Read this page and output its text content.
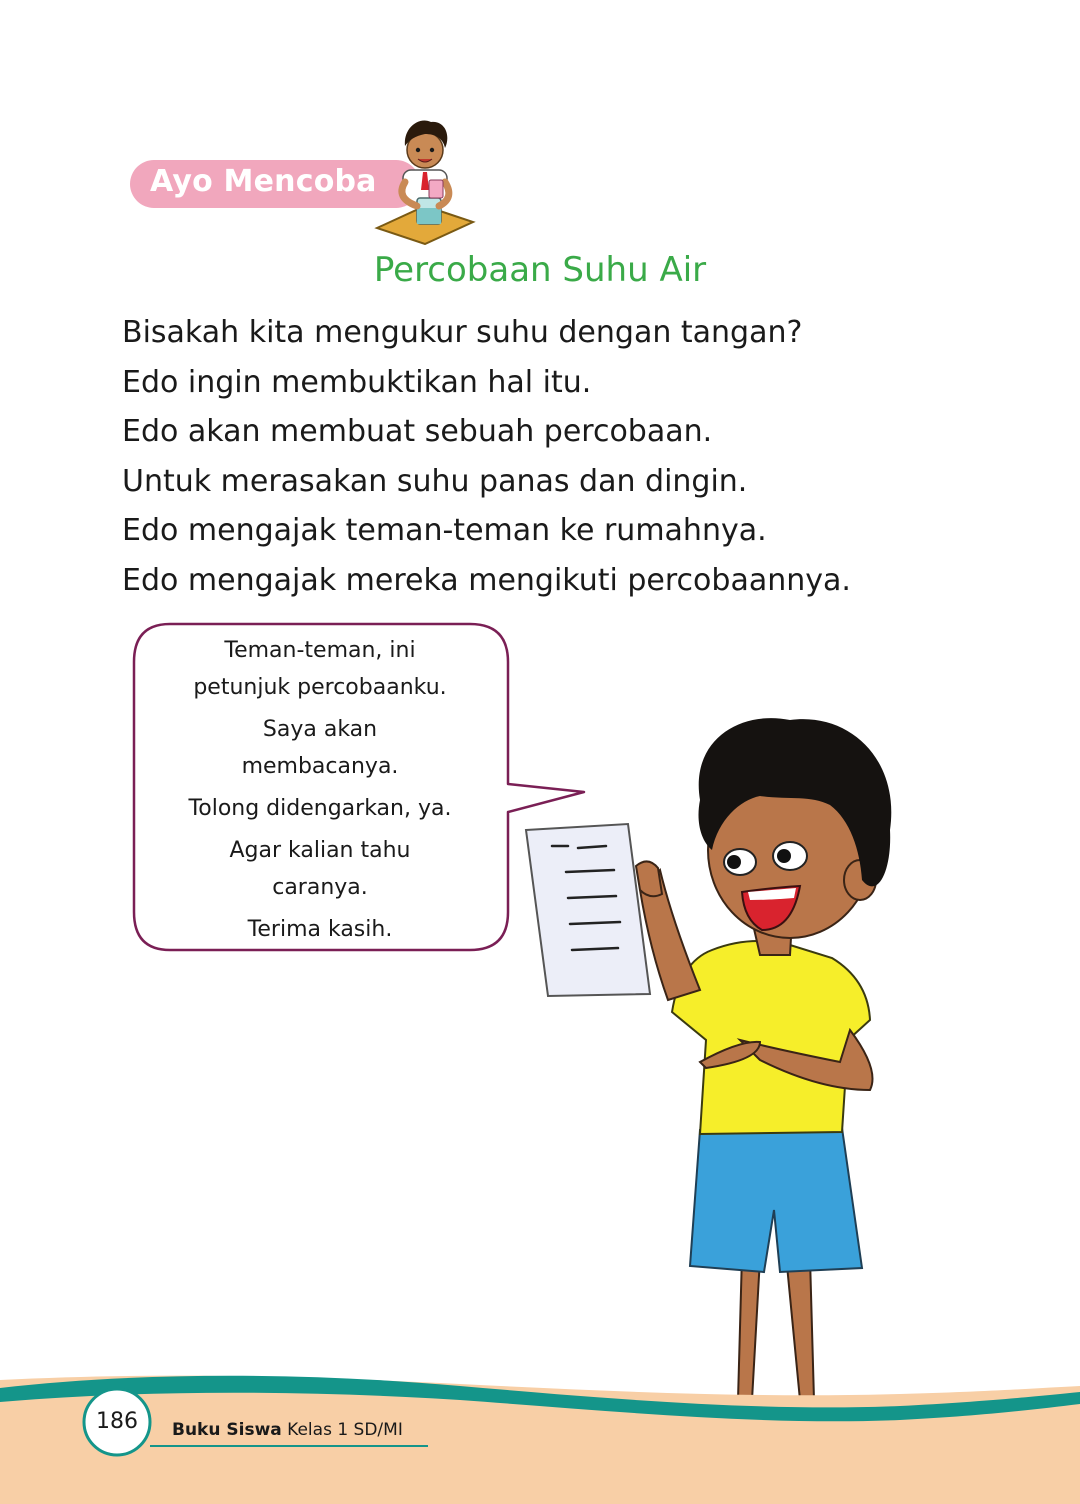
Ayo Mencoba
Percobaan Suhu Air
Bisakah kita mengukur suhu dengan tangan?
Edo ingin membuktikan hal itu.
Edo akan membuat sebuah percobaan.
Untuk merasakan suhu panas dan dingin.
Edo mengajak teman-teman ke rumahnya.
Edo mengajak mereka mengikuti percobaannya.
Teman-teman, ini
petunjuk percobaanku.
Saya akan
membacanya.
Tolong didengarkan, ya.
Agar kalian tahu
caranya.
Terima kasih.
186	Buku Siswa Kelas 1 SD/MI
